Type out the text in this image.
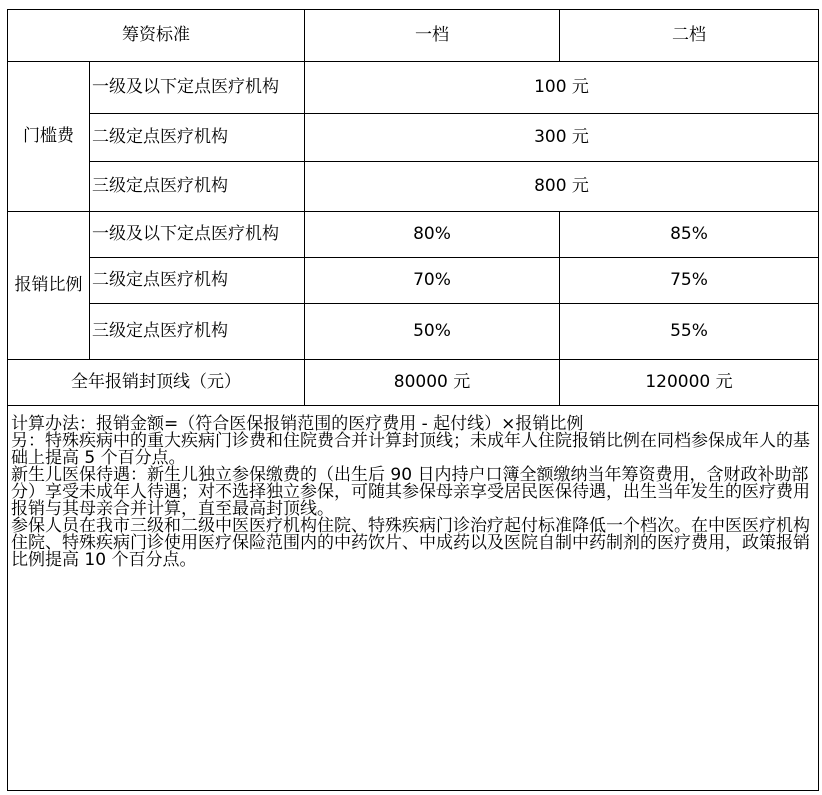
筹资标准		一档	二档
门槛费	一级及以下定点医疗机构	100 元	
	二级定点医疗机构	300 元	
	三级定点医疗机构	800 元	
报销比例	一级及以下定点医疗机构	80%	85%
	二级定点医疗机构	70%	75%
	三级定点医疗机构	50%	55%
全年报销封顶线（元）		80000 元	120000 元

计算办法：报销金额=（符合医保报销范围的医疗费用 - 起付线）×报销比例

另：特殊疾病中的重大疾病门诊费和住院费合并计算封顶线；未成年人住院报销比例在同档参保成年人的基础上提高 5 个百分点。

新生儿医保待遇：新生儿独立参保缴费的（出生后 90 日内持户口簿全额缴纳当年筹资费用，含财政补助部分）享受未成年人待遇；对不选择独立参保，可随其参保母亲享受居民医保待遇，出生当年发生的医疗费用报销与其母亲合并计算，直至最高封顶线。

参保人员在我市三级和二级中医医疗机构住院、特殊疾病门诊治疗起付标准降低一个档次。在中医医疗机构住院、特殊疾病门诊使用医疗保险范围内的中药饮片、中成药以及医院自制中药制剂的医疗费用，政策报销比例提高 10 个百分点。			
